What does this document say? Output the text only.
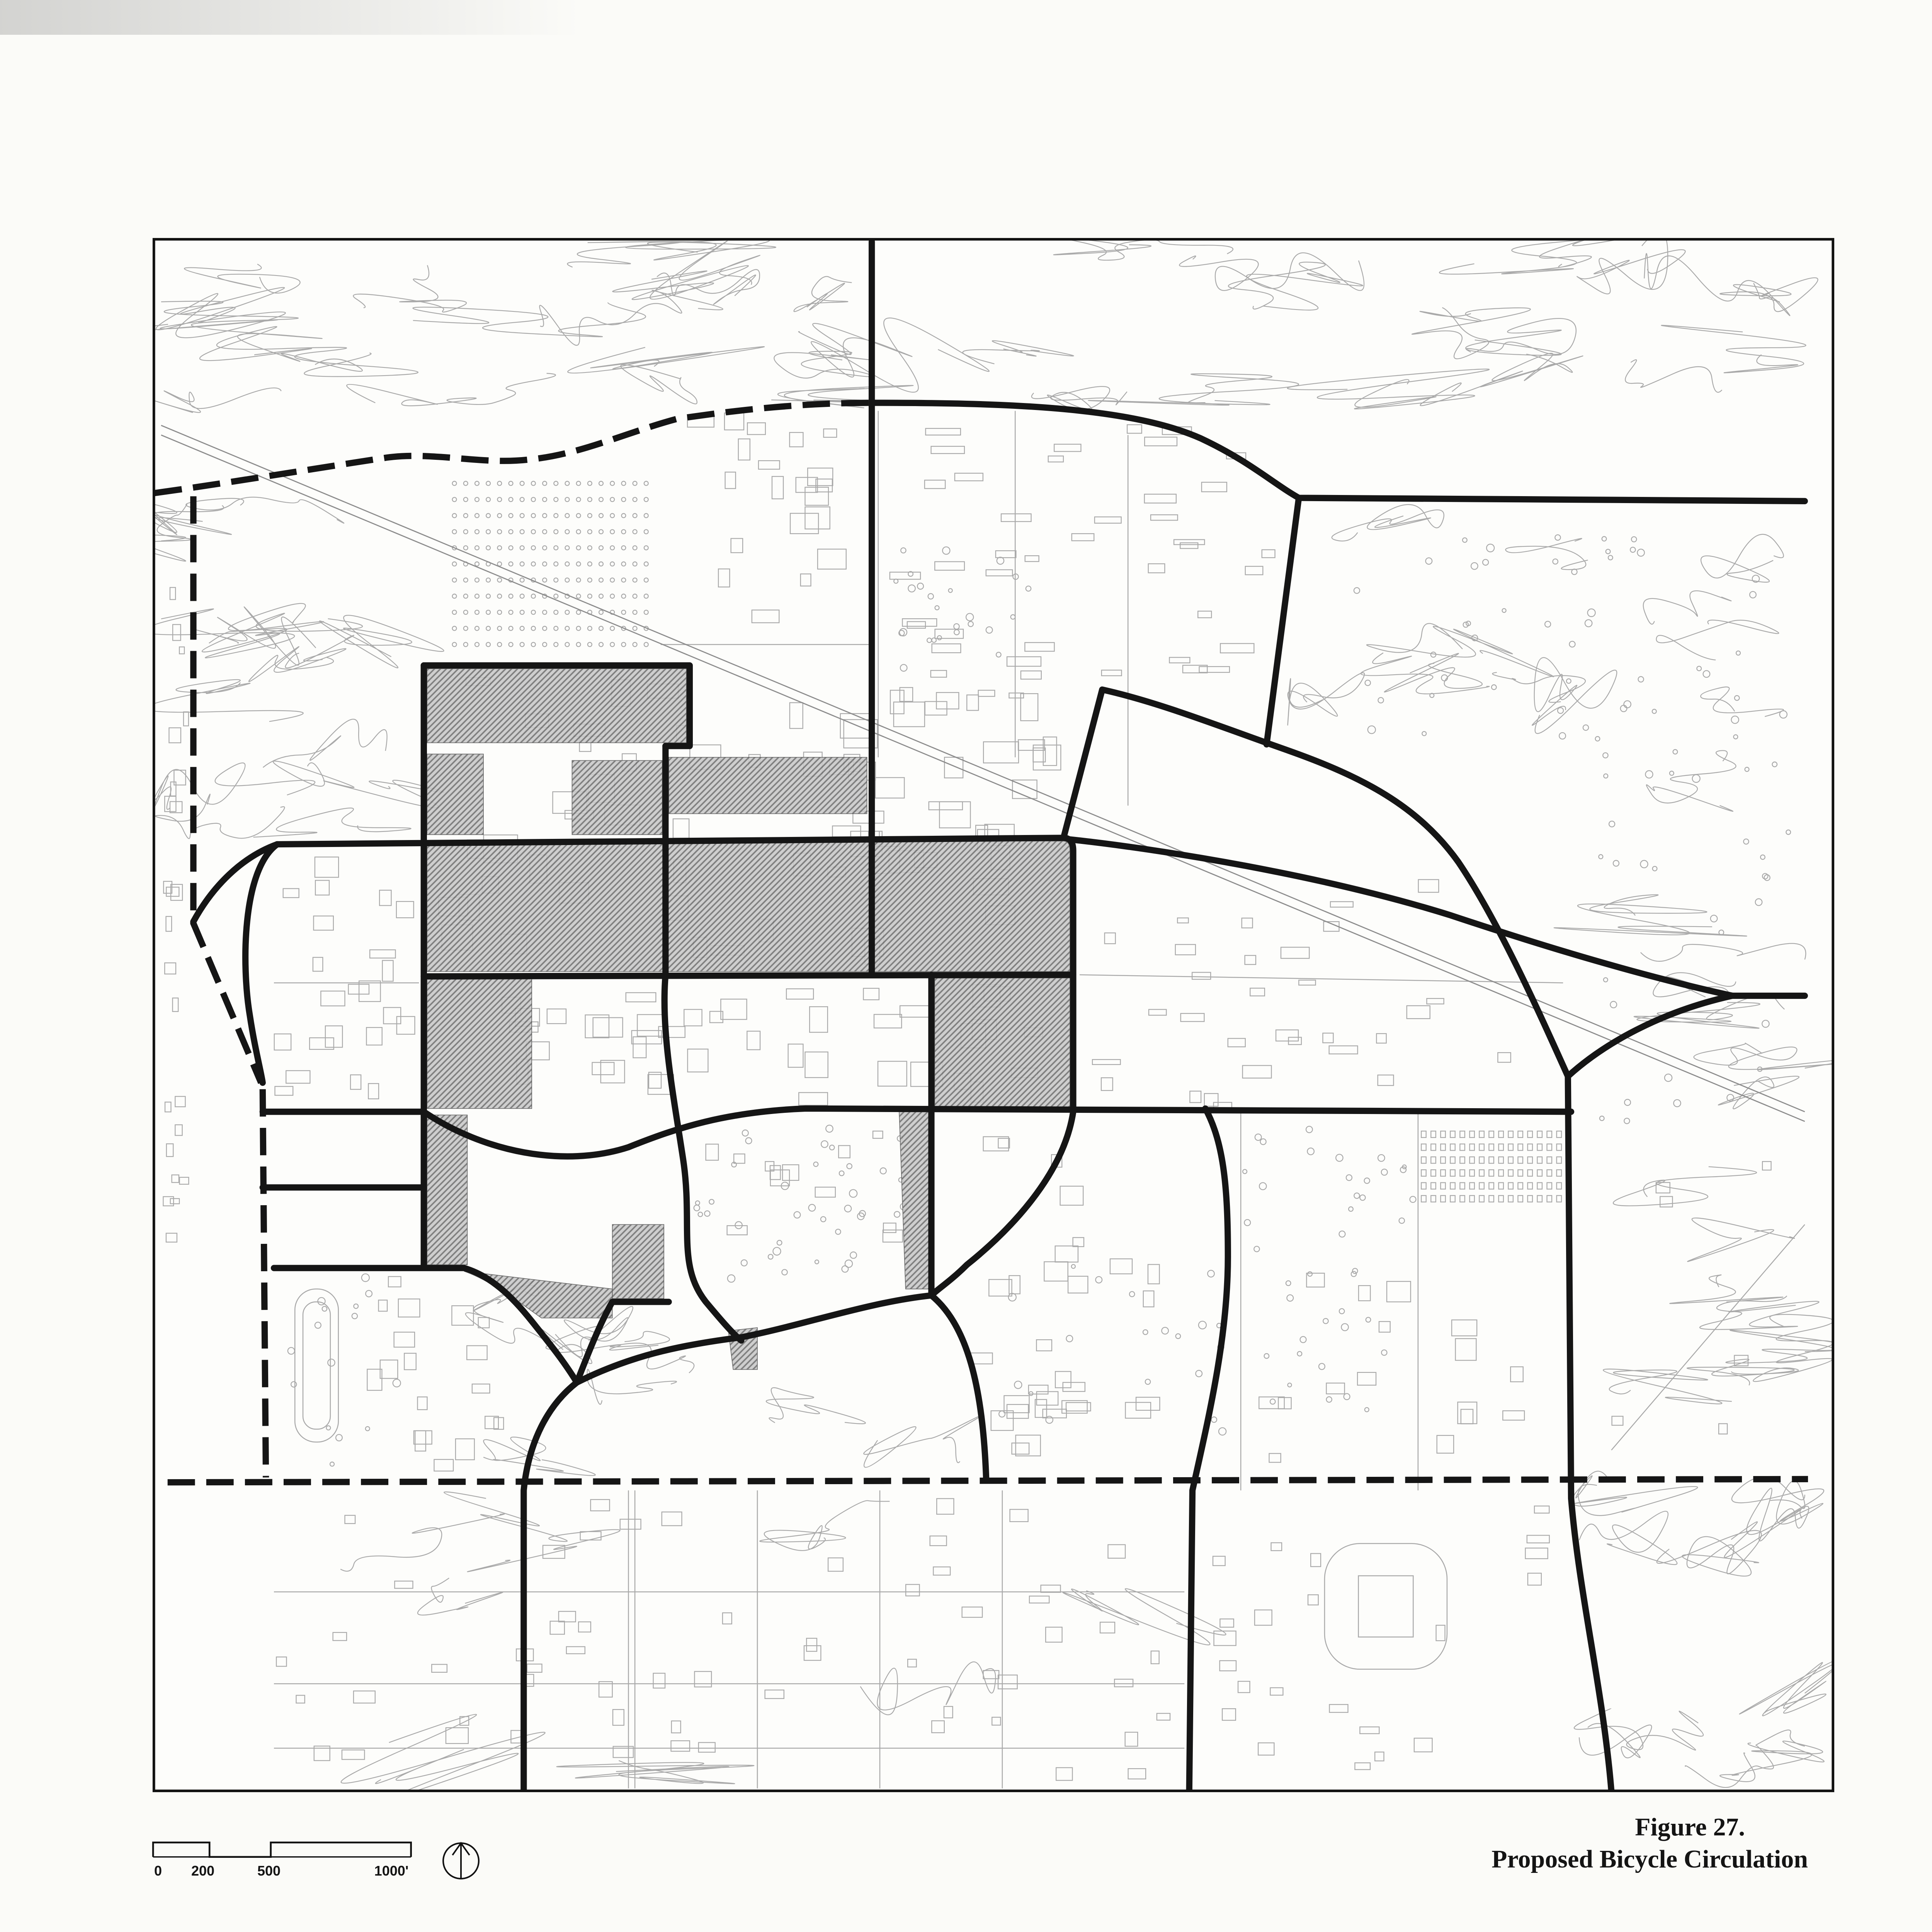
0 200	500	1000'
Figure 27.
Proposed Bicycle Circulation
